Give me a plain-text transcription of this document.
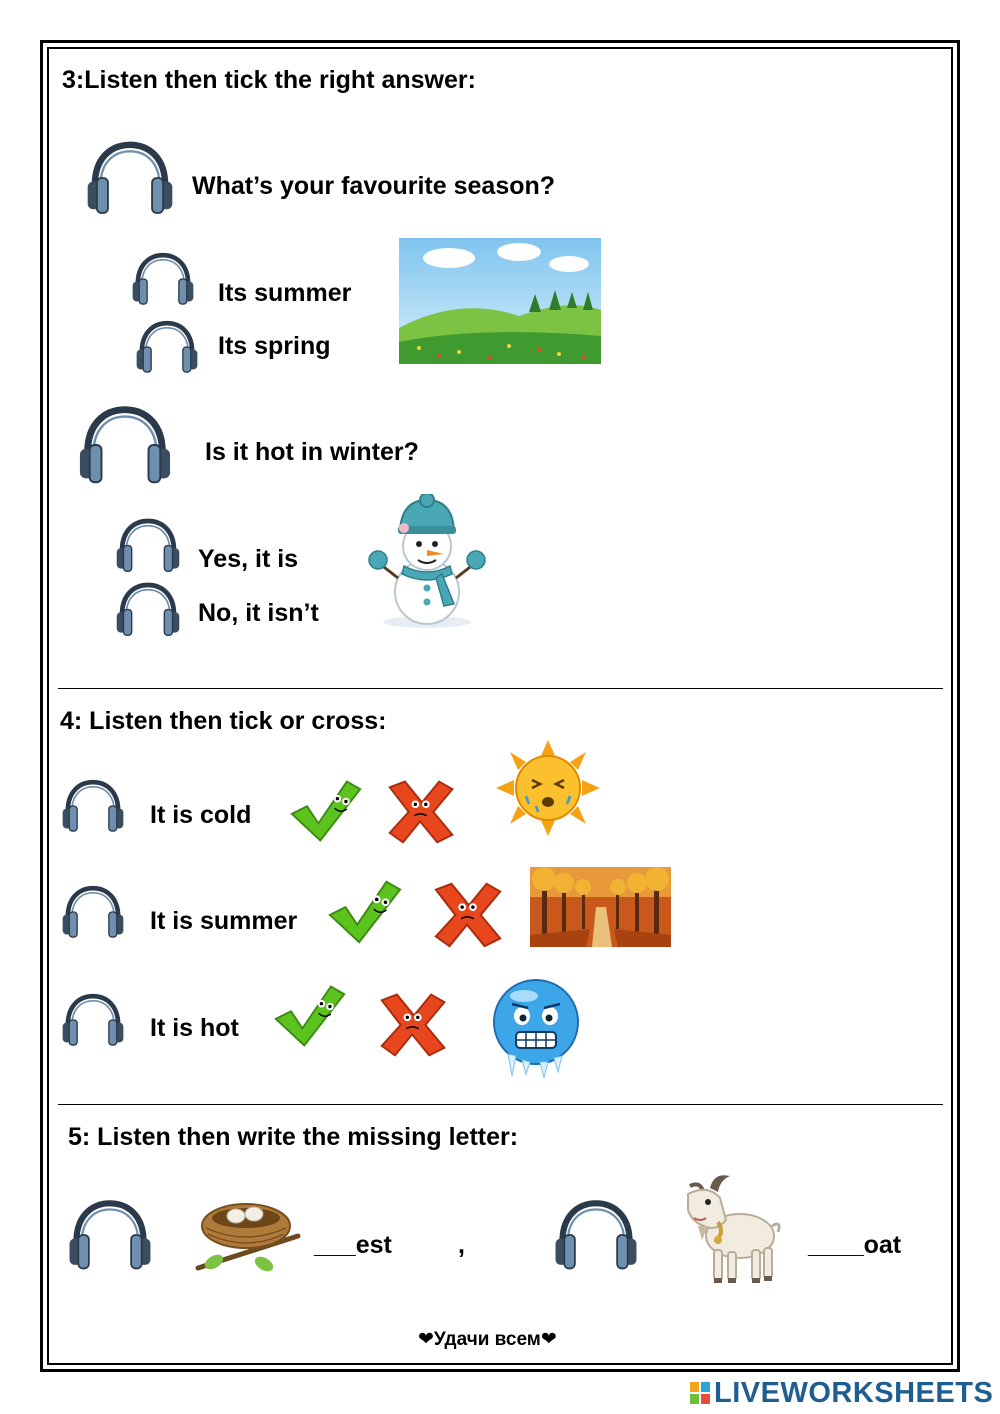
3:Listen then tick the right answer:
What’s your favourite season?
Its summer
Its spring
Is it hot in winter?
Yes, it is
No, it isn’t
4: Listen then tick or cross:
It is cold
It is summer
It is hot
5: Listen then write the missing letter:
___est	,	____oat
❤Удачи всем❤
LIVEWORKSHEETS
